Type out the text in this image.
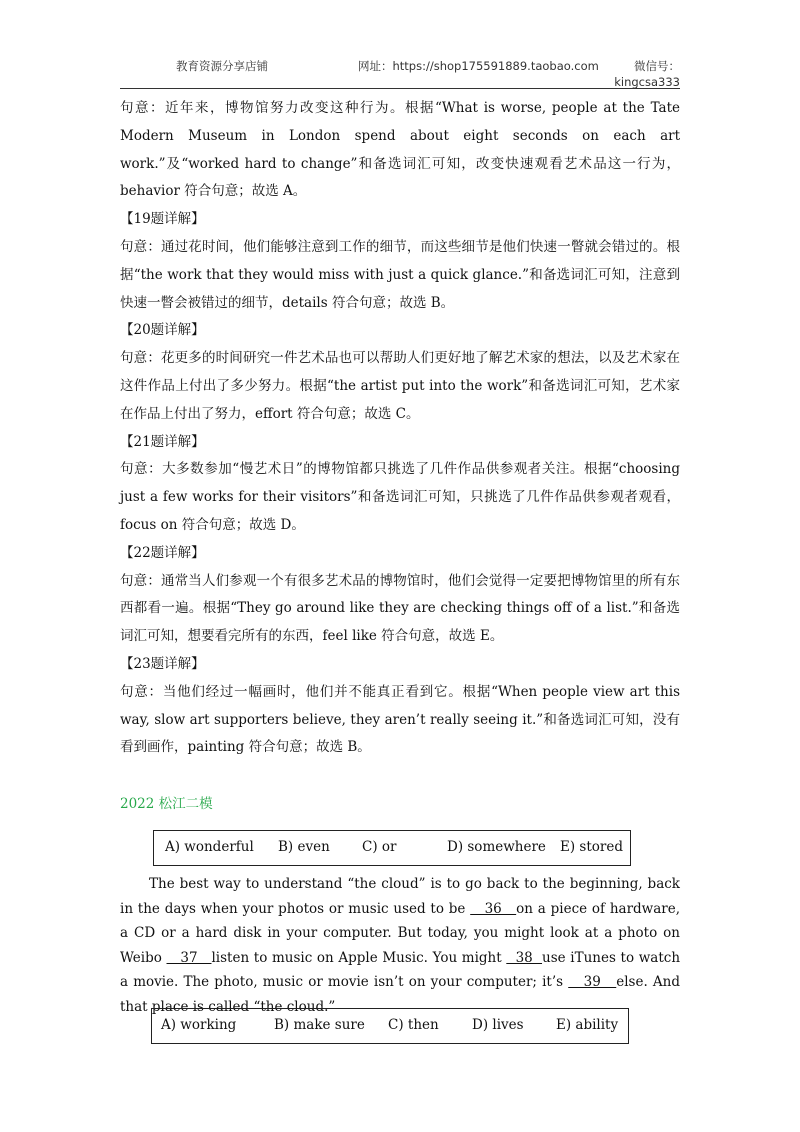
教育资源分享店铺	网址：https://shop175591889.taobao.com	微信号：
kingcsa333

句意：近年来，博物馆努力改变这种行为。根据“What is worse, people at the Tate Modern Museum in London spend about eight seconds on each art work.”及“worked hard to change”和备选词汇可知，改变快速观看艺术品这一行为，behavior 符合句意；故选 A。

【19题详解】

句意：通过花时间，他们能够注意到工作的细节，而这些细节是他们快速一瞥就会错过的。根据“the work that they would miss with just a quick glance.”和备选词汇可知，注意到快速一瞥会被错过的细节，details 符合句意；故选 B。

【20题详解】

句意：花更多的时间研究一件艺术品也可以帮助人们更好地了解艺术家的想法，以及艺术家在这件作品上付出了多少努力。根据“the artist put into the work”和备选词汇可知，艺术家在作品上付出了努力，effort 符合句意；故选 C。

【21题详解】

句意：大多数参加“慢艺术日”的博物馆都只挑选了几件作品供参观者关注。根据“choosing just a few works for their visitors”和备选词汇可知，只挑选了几件作品供参观者观看，focus on 符合句意；故选 D。

【22题详解】

句意：通常当人们参观一个有很多艺术品的博物馆时，他们会觉得一定要把博物馆里的所有东西都看一遍。根据“They go around like they are checking things off of a list.”和备选词汇可知，想要看完所有的东西，feel like 符合句意，故选 E。

【23题详解】

句意：当他们经过一幅画时，他们并不能真正看到它。根据“When people view art this way, slow art supporters believe, they aren’t really seeing it.”和备选词汇可知，没有看到画作，painting 符合句意；故选 B。

2022 松江二模
A) wonderful B) even C) or	D) somewhere E) stored
The best way to understand “the cloud” is to go back to the beginning, back in the days when your photos or music used to be    36   on a piece of hardware, a CD or a hard disk in your computer. But today, you might look at a photo on Weibo    37   listen to music on Apple Music. You might   38  use iTunes to watch a movie. The photo, music or movie isn’t on your computer; it’s    39   else. And that place is called “the cloud.”
A) working	B) make sure C) then D) lives E) ability
